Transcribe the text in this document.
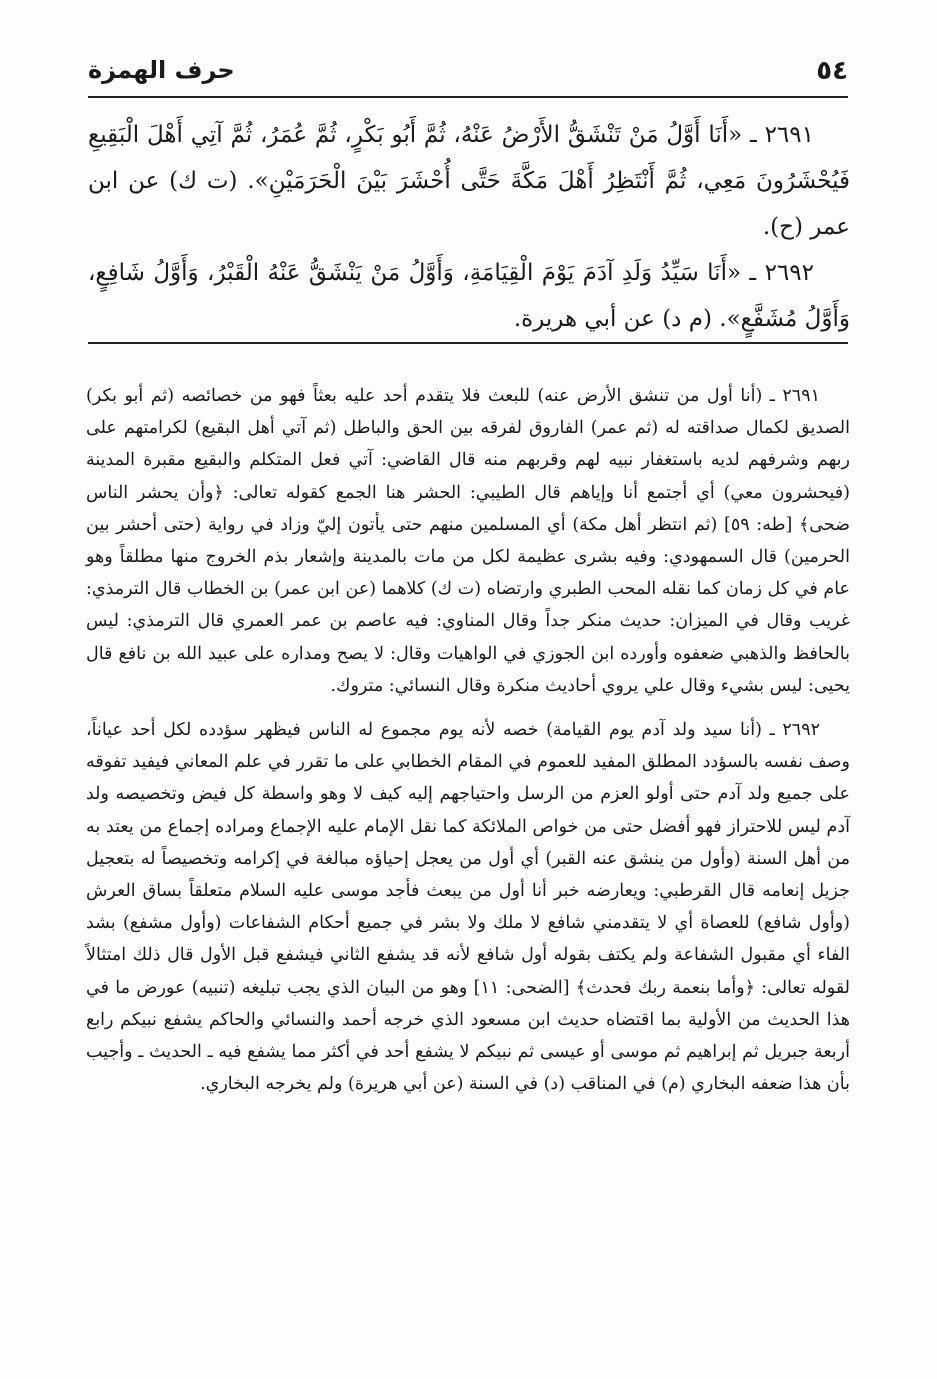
٥٤
حرف الهمزة

٢٦٩١ ـ «أَنَا أَوَّلُ مَنْ تَنْشَقُّ الأَرْضُ عَنْهُ، ثُمَّ أَبُو بَكْرٍ، ثُمَّ عُمَرُ، ثُمَّ آتِي أَهْلَ الْبَقِيعِ فَيُحْشَرُونَ مَعِي، ثُمَّ أَنْتَظِرُ أَهْلَ مَكَّةَ حَتَّى أُحْشَرَ بَيْنَ الْحَرَمَيْنِ». (ت ك) عن ابن عمر (ح).

٢٦٩٢ ـ «أَنَا سَيِّدُ وَلَدِ آدَمَ يَوْمَ الْقِيَامَةِ، وَأَوَّلُ مَنْ يَنْشَقُّ عَنْهُ الْقَبْرُ، وَأَوَّلُ شَافِعٍ، وَأَوَّلُ مُشَفَّعٍ». (م د) عن أبي هريرة.

٢٦٩١ ـ (أنا أول من تنشق الأرض عنه) للبعث فلا يتقدم أحد عليه بعثاً فهو من خصائصه (ثم أبو بكر) الصديق لكمال صداقته له (ثم عمر) الفاروق لفرقه بين الحق والباطل (ثم آتي أهل البقيع) لكرامتهم على ربهم وشرفهم لديه باستغفار نبيه لهم وقربهم منه قال القاضي: آتي فعل المتكلم والبقيع مقبرة المدينة (فيحشرون معي) أي أجتمع أنا وإياهم قال الطيبي: الحشر هنا الجمع كقوله تعالى: ﴿وأن يحشر الناس ضحى﴾ [طه: ٥٩] (ثم انتظر أهل مكة) أي المسلمين منهم حتى يأتون إليّ وزاد في رواية (حتى أحشر بين الحرمين) قال السمهودي: وفيه بشرى عظيمة لكل من مات بالمدينة وإشعار بذم الخروج منها مطلقاً وهو عام في كل زمان كما نقله المحب الطبري وارتضاه (ت ك) كلاهما (عن ابن عمر) بن الخطاب قال الترمذي: غريب وقال في الميزان: حديث منكر جداً وقال المناوي: فيه عاصم بن عمر العمري قال الترمذي: ليس بالحافظ والذهبي ضعفوه وأورده ابن الجوزي في الواهيات وقال: لا يصح ومداره على عبيد الله بن نافع قال يحيى: ليس بشيء وقال علي يروي أحاديث منكرة وقال النسائي: متروك.

٢٦٩٢ ـ (أنا سيد ولد آدم يوم القيامة) خصه لأنه يوم مجموع له الناس فيظهر سؤدده لكل أحد عياناً، وصف نفسه بالسؤدد المطلق المفيد للعموم في المقام الخطابي على ما تقرر في علم المعاني فيفيد تفوقه على جميع ولد آدم حتى أولو العزم من الرسل واحتياجهم إليه كيف لا وهو واسطة كل فيض وتخصيصه ولد آدم ليس للاحتراز فهو أفضل حتى من خواص الملائكة كما نقل الإمام عليه الإجماع ومراده إجماع من يعتد به من أهل السنة (وأول من ينشق عنه القبر) أي أول من يعجل إحياؤه مبالغة في إكرامه وتخصيصاً له بتعجيل جزيل إنعامه قال القرطبي: ويعارضه خبر أنا أول من يبعث فأجد موسى عليه السلام متعلقاً بساق العرش (وأول شافع) للعصاة أي لا يتقدمني شافع لا ملك ولا بشر في جميع أحكام الشفاعات (وأول مشفع) بشد الفاء أي مقبول الشفاعة ولم يكتف بقوله أول شافع لأنه قد يشفع الثاني فيشفع قبل الأول قال ذلك امتثالاً لقوله تعالى: ﴿وأما بنعمة ربك فحدث﴾ [الضحى: ١١] وهو من البيان الذي يجب تبليغه (تنبيه) عورض ما في هذا الحديث من الأولية بما اقتضاه حديث ابن مسعود الذي خرجه أحمد والنسائي والحاكم يشفع نبيكم رابع أربعة جبريل ثم إبراهيم ثم موسى أو عيسى ثم نبيكم لا يشفع أحد في أكثر مما يشفع فيه ـ الحديث ـ وأجيب بأن هذا ضعفه البخاري (م) في المناقب (د) في السنة (عن أبي هريرة) ولم يخرجه البخاري.
